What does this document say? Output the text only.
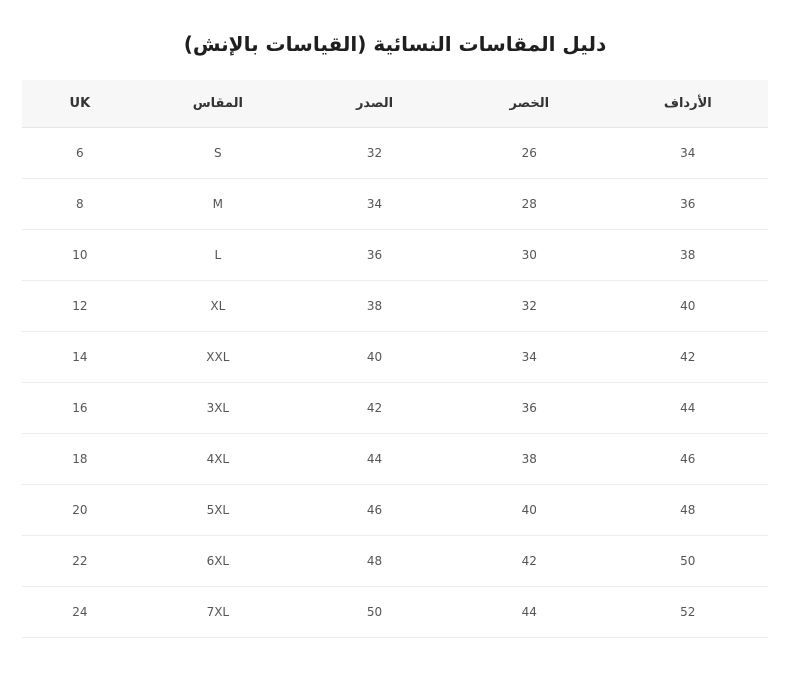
دليل المقاسات النسائية (القياسات بالإنش)
الأرداف	الخصر	الصدر	المقاس	UK
34	26	32	S	6
36	28	34	M	8
38	30	36	L	10
40	32	38	XL	12
42	34	40	XXL	14
44	36	42	3XL	16
46	38	44	4XL	18
48	40	46	5XL	20
50	42	48	6XL	22
52	44	50	7XL	24
